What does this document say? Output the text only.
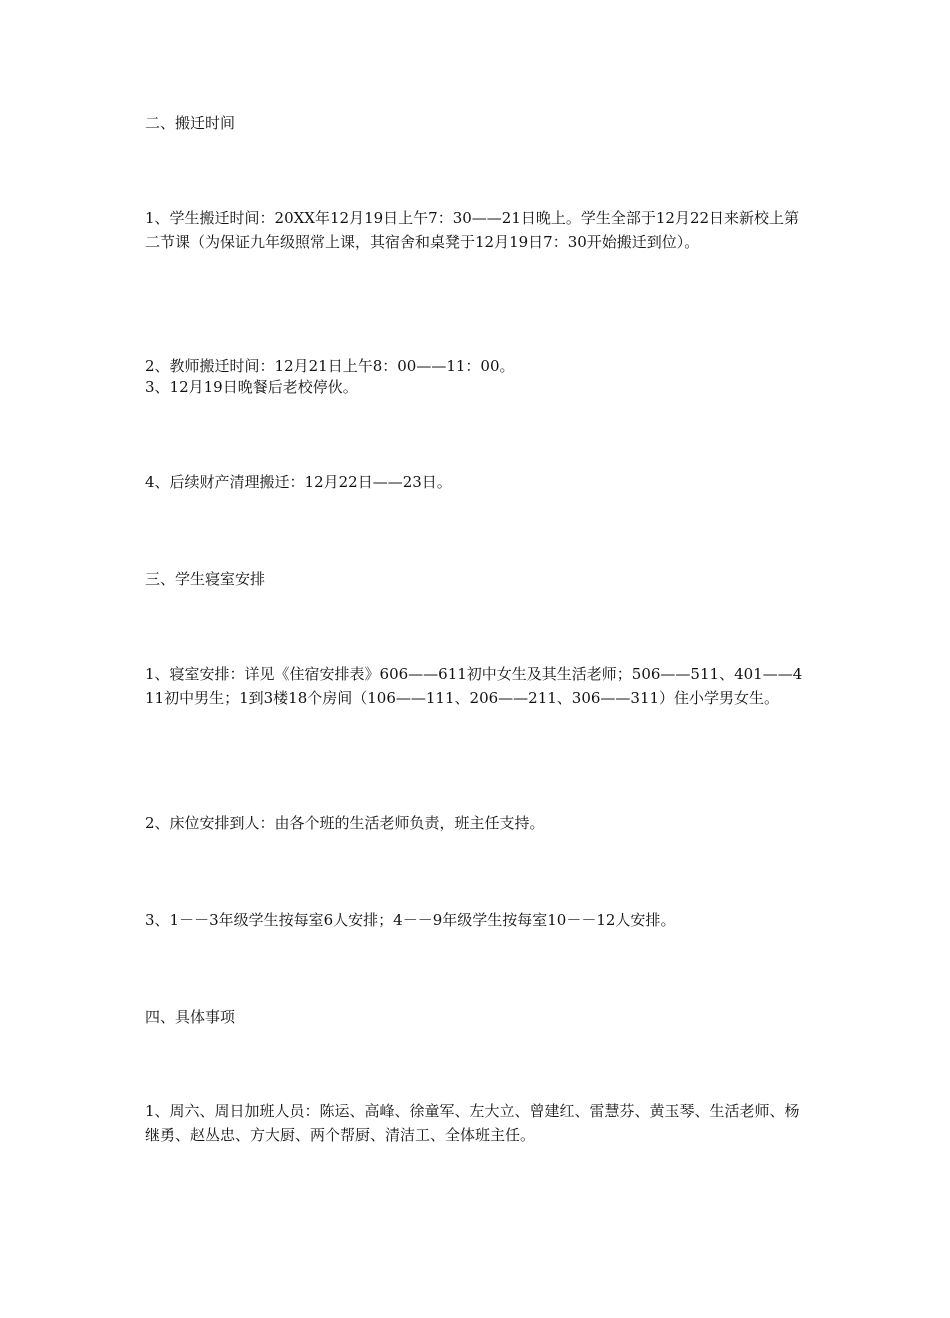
二、搬迁时间

1、学生搬迁时间：20XX年12月19日上午7：30——21日晚上。学生全部于12月22日来新校上第二节课（为保证九年级照常上课，其宿舍和桌凳于12月19日7：30开始搬迁到位）。

2、教师搬迁时间：12月21日上午8：00——11：00。

3、12月19日晚餐后老校停伙。

4、后续财产清理搬迁：12月22日——23日。

三、学生寝室安排

1、寝室安排：详见《住宿安排表》606——611初中女生及其生活老师；506——511、401——411初中男生；1到3楼18个房间（106——111、206——211、306——311）住小学男女生。

2、床位安排到人：由各个班的生活老师负责，班主任支持。

3、1－－3年级学生按每室6人安排；4－－9年级学生按每室10－－12人安排。

四、具体事项

1、周六、周日加班人员：陈运、高峰、徐童军、左大立、曾建红、雷慧芬、黄玉琴、生活老师、杨继勇、赵丛忠、方大厨、两个帮厨、清洁工、全体班主任。
